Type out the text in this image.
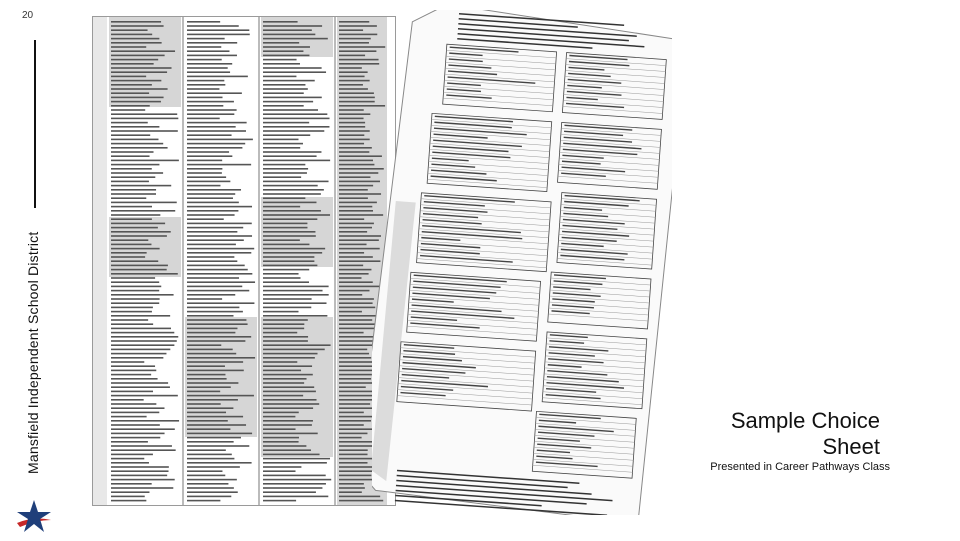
20
Mansfield Independent School District	Sample Choice
Sheet
Presented in Career Pathways Class
